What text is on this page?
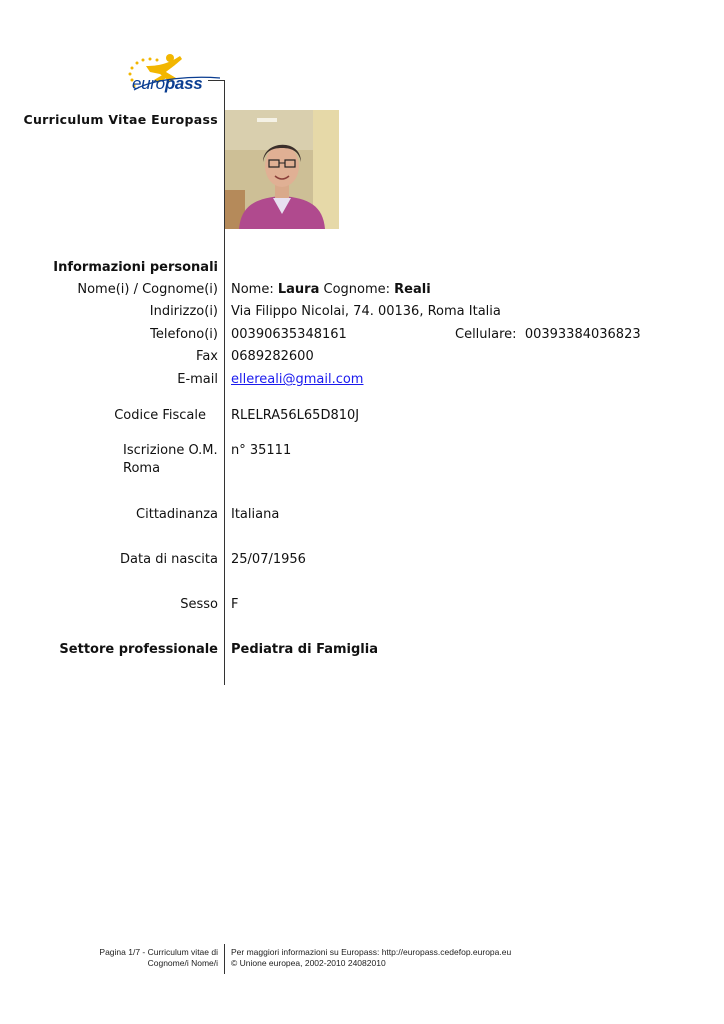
europass
Curriculum Vitae Europass
Informazioni personali
Nome(i) / Cognome(i) Nome: Laura Cognome: Reali
Indirizzo(i) Via Filippo Nicolai, 74. 00136, Roma Italia
Telefono(i) 00390635348161	Cellulare: 00393384036823
Fax 0689282600
E-mail ellereali@gmail.com
Codice Fiscale RLELRA56L65D810J
Iscrizione O.M.
Roma
n° 35111
Cittadinanza Italiana
Data di nascita 25/07/1956
Sesso F
Settore professionale Pediatra di Famiglia
Pagina 1/7 - Curriculum vitae di
Cognome/i Nome/i
Per maggiori informazioni su Europass: http://europass.cedefop.europa.eu
© Unione europea, 2002-2010 24082010
